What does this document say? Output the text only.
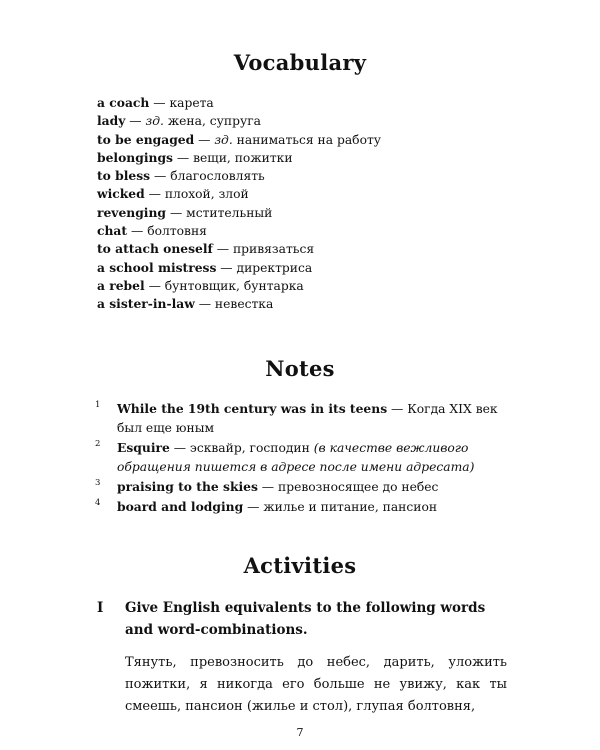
Vocabulary
a coach — карета
lady — зд. жена, супруга
to be engaged — зд. наниматься на работу
belongings — вещи, пожитки
to bless — благословлять
wicked — плохой, злой
revenging — мстительный
chat — болтовня
to attach oneself — привязаться
a school mistress — директриса
a rebel — бунтовщик, бунтарка
a sister-in-law — невестка
Notes
1 While the 19th century was in its teens — Когда XIX век был еще юным
2 Esquire — эсквайр, господин (в качестве вежливого обращения пишется в адресе после имени адресата)
3 praising to the skies — превозносящее до небес
4 board and lodging — жилье и питание, пансион
Activities
I Give English equivalents to the following words and word-combinations.
Тянуть, превозносить до небес, дарить, уложить пожитки, я никогда его больше не увижу, как ты смеешь, пансион (жилье и стол), глупая болтовня,
7
